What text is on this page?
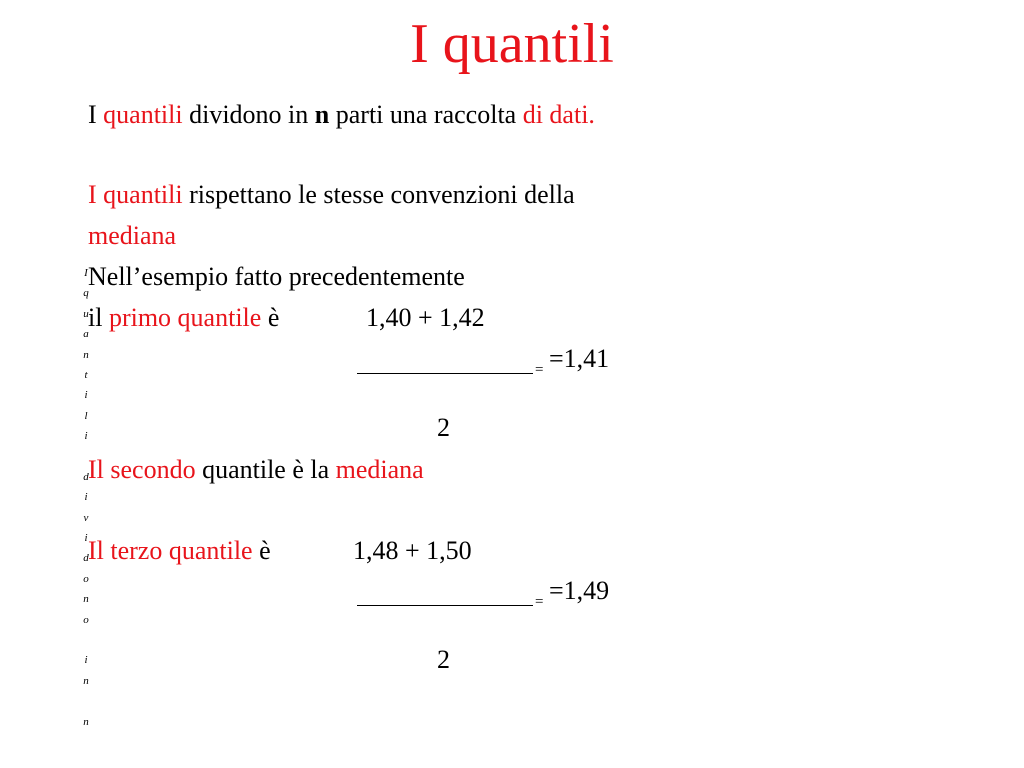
I quantili
I quantili dividono in n parti una raccolta di dati.
I quantili rispettano le stesse convenzioni della
mediana
Nell’esempio fatto precedentemente
il primo quantile è	1,40 + 1,42
= =1,41
2
Il secondo quantile è la mediana
Il terzo quantile è	1,48 + 1,50
= =1,49
2
I
q
u
a
n
t
i
l
i
d
i
v
i
d
o
n
o
i
n
n
